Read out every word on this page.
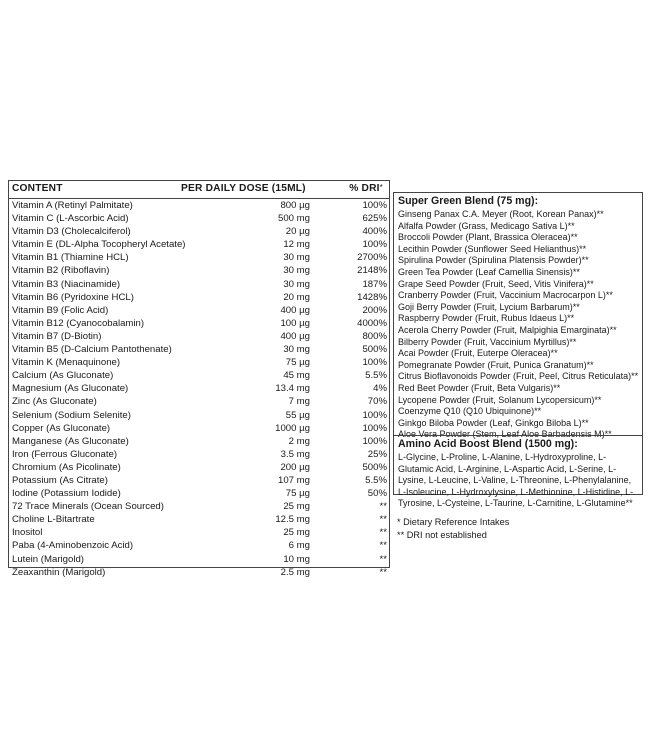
CONTENT	PER DAILY DOSE (15ML)	% DRI*
Vitamin A (Retinyl Palmitate)	800 µg	100%
Vitamin C (L-Ascorbic Acid)	500 mg	625%
Vitamin D3 (Cholecalciferol)	20 µg	400%
Vitamin E (DL-Alpha Tocopheryl Acetate)	12 mg	100%
Vitamin B1 (Thiamine HCL)	30 mg	2700%
Vitamin B2 (Riboflavin)	30 mg	2148%
Vitamin B3 (Niacinamide)	30 mg	187%
Vitamin B6 (Pyridoxine HCL)	20 mg	1428%
Vitamin B9 (Folic Acid)	400 µg	200%
Vitamin B12 (Cyanocobalamin)	100 µg	4000%
Vitamin B7 (D-Biotin)	400 µg	800%
Vitamin B5 (D-Calcium Pantothenate)	30 mg	500%
Vitamin K (Menaquinone)	75 µg	100%
Calcium (As Gluconate)	45 mg	5.5%
Magnesium (As Gluconate)	13.4 mg	4%
Zinc (As Gluconate)	7 mg	70%
Selenium (Sodium Selenite)	55 µg	100%
Copper (As Gluconate)	1000 µg	100%
Manganese (As Gluconate)	2 mg	100%
Iron (Ferrous Gluconate)	3.5 mg	25%
Chromium (As Picolinate)	200 µg	500%
Potassium (As Citrate)	107 mg	5.5%
Iodine (Potassium Iodide)	75 µg	50%
72 Trace Minerals (Ocean Sourced)	25 mg	**
Choline L-Bitartrate	12.5 mg	**
Inositol	25 mg	**
Paba (4-Aminobenzoic Acid)	6 mg	**
Lutein (Marigold)	10 mg	**
Zeaxanthin (Marigold)	2.5 mg	**
Super Green Blend (75 mg):
Ginseng Panax C.A. Meyer (Root, Korean Panax)**
Alfalfa Powder (Grass, Medicago Sativa L)**
Broccoli Powder (Plant, Brassica Oleracea)**
Lecithin Powder (Sunflower Seed Helianthus)**
Spirulina Powder (Spirulina Platensis Powder)**
Green Tea Powder (Leaf Camellia Sinensis)**
Grape Seed Powder (Fruit, Seed, Vitis Vinifera)**
Cranberry Powder (Fruit, Vaccinium Macrocarpon L)**
Goji Berry Powder (Fruit, Lycium Barbarum)**
Raspberry Powder (Fruit, Rubus Idaeus L)**
Acerola Cherry Powder (Fruit, Malpighia Emarginata)**
Bilberry Powder (Fruit, Vaccinium Myrtillus)**
Acai Powder (Fruit, Euterpe Oleracea)**
Pomegranate Powder (Fruit, Punica Granatum)**
Citrus Bioflavonoids Powder (Fruit, Peel, Citrus Reticulata)**
Red Beet Powder (Fruit, Beta Vulgaris)**
Lycopene Powder (Fruit, Solanum Lycopersicum)**
Coenzyme Q10 (Q10 Ubiquinone)**
Ginkgo Biloba Powder (Leaf, Ginkgo Biloba L)**
Aloe Vera Powder (Stem, Leaf Aloe Barbadensis M)**
Amino Acid Boost Blend (1500 mg):
L-Glycine, L-Proline, L-Alanine, L-Hydroxyproline, L-Glutamic Acid, L-Arginine, L-Aspartic Acid, L-Serine, L-Lysine, L-Leucine, L-Valine, L-Threonine, L-Phenylalanine, L-Isoleucine, L-Hydroxylysine, L-Methionine, L-Histidine, L-Tyrosine, L-Cysteine, L-Taurine, L-Carnitine, L-Glutamine**
* Dietary Reference Intakes
** DRI not established
